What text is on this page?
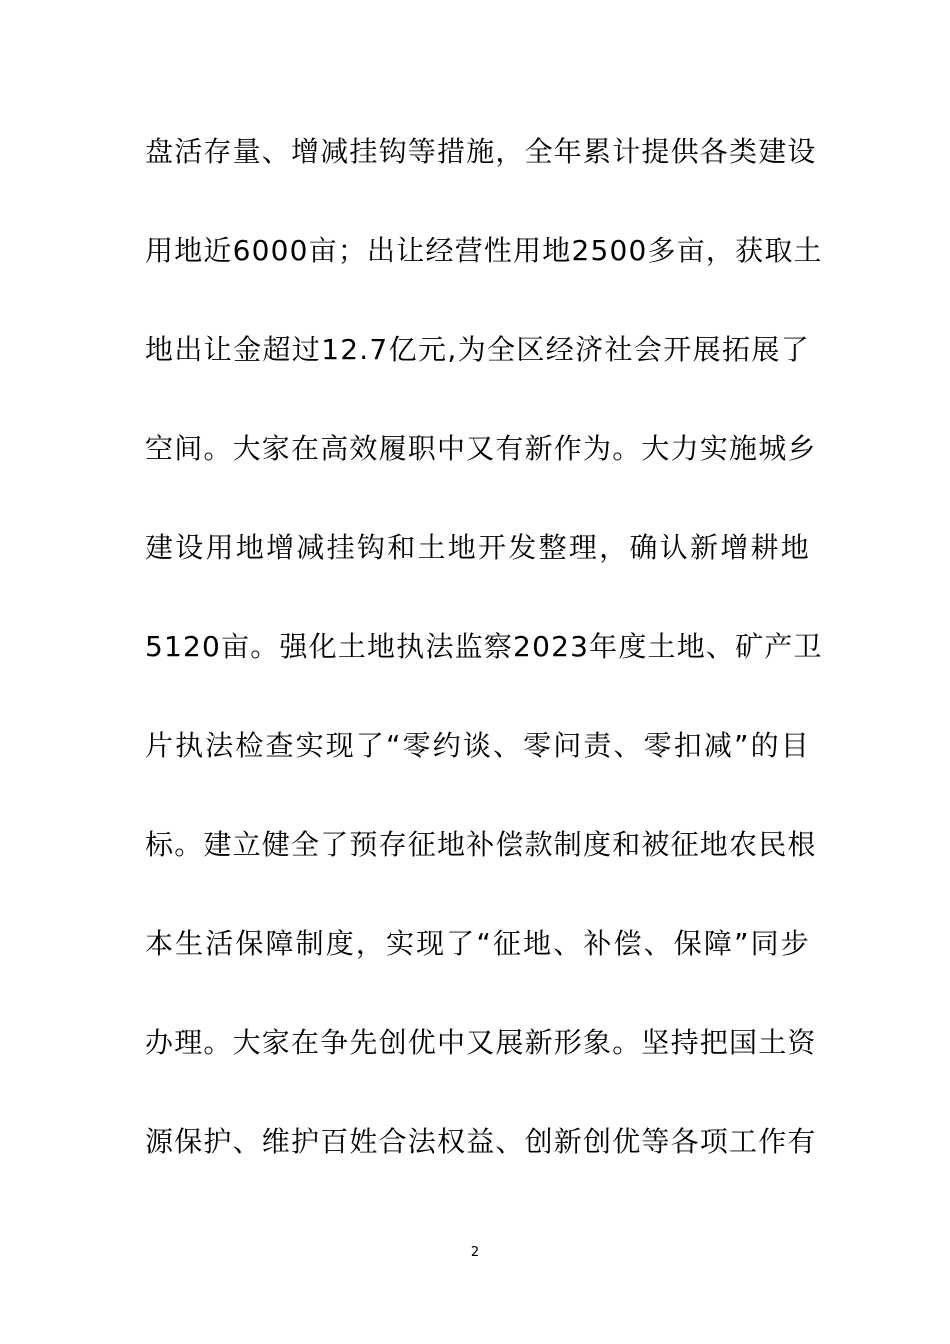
盘活存量、增减挂钩等措施，全年累计提供各类建设
用地近6000亩；出让经营性用地2500多亩，获取土
地出让金超过12.7亿元,为全区经济社会开展拓展了
空间。大家在高效履职中又有新作为。大力实施城乡
建设用地增减挂钩和土地开发整理，确认新增耕地
5120亩。强化土地执法监察2023年度土地、矿产卫
片执法检查实现了“零约谈、零问责、零扣减”的目
标。建立健全了预存征地补偿款制度和被征地农民根
本生活保障制度，实现了“征地、补偿、保障”同步
办理。大家在争先创优中又展新形象。坚持把国土资
源保护、维护百姓合法权益、创新创优等各项工作有
2
